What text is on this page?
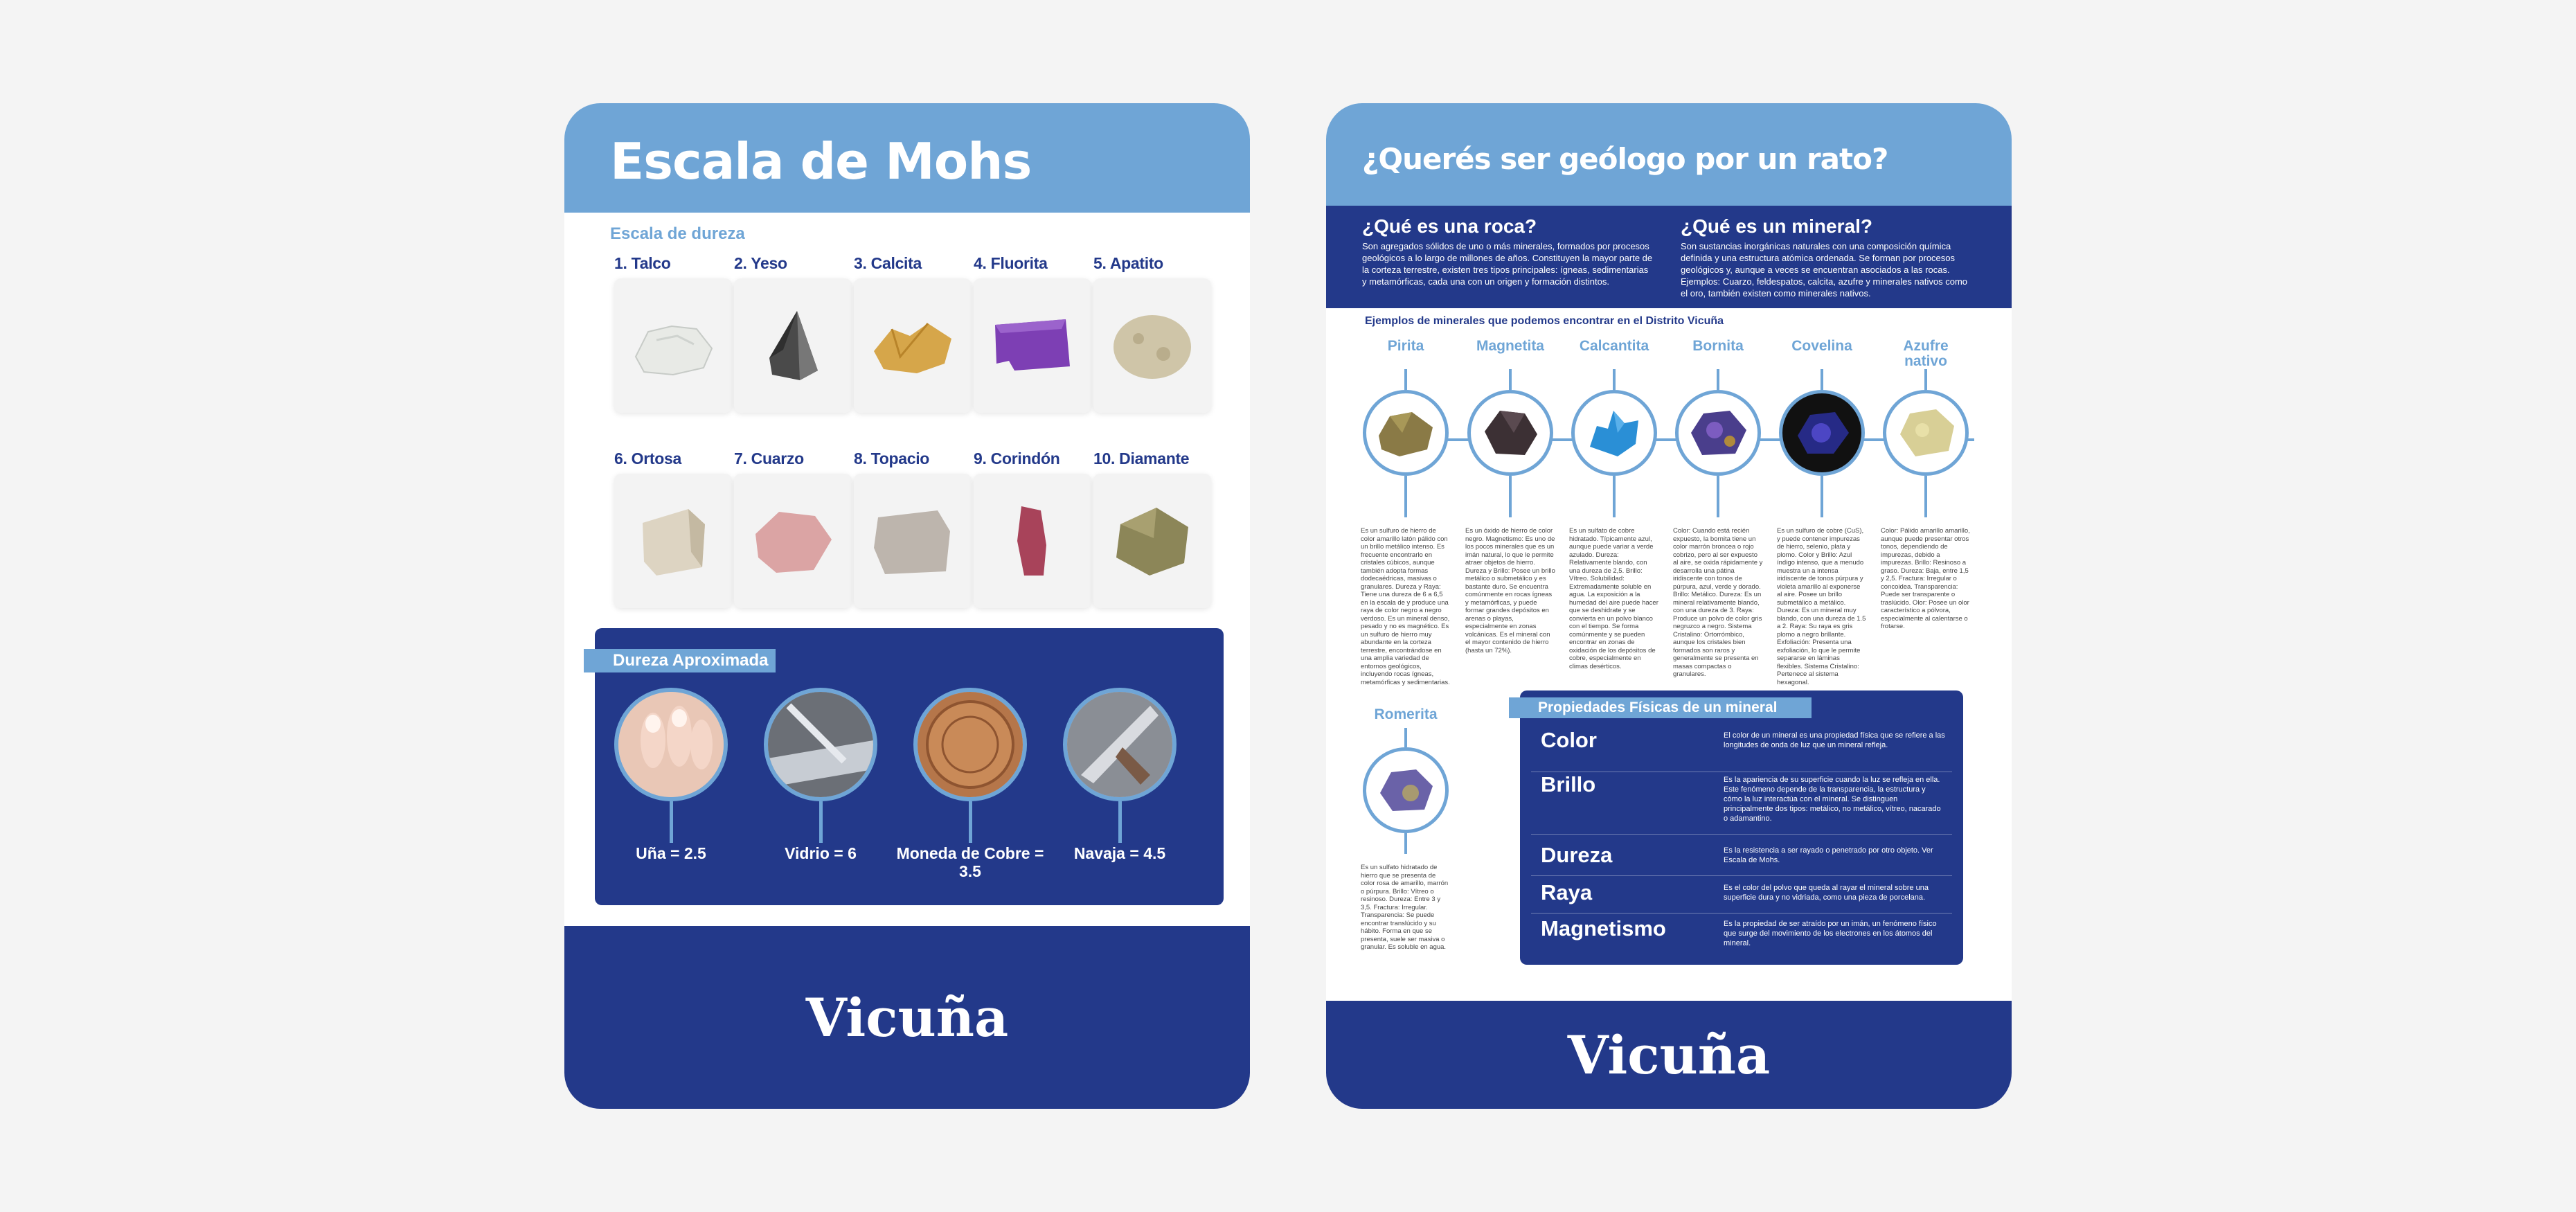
Escala de Mohs
Escala de dureza
1. Talco	2. Yeso	3. Calcita	4. Fluorita	5. Apatito
6. Ortosa	7. Cuarzo	8. Topacio	9. Corindón	10. Diamante
Dureza Aproximada
Uña = 2.5	Vidrio = 6	Moneda de Cobre = 3.5
Navaja = 4.5
Vicuña
¿Querés ser geólogo por un rato?
¿Qué es una roca?

Son agregados sólidos de uno o más minerales, formados por procesos geológicos a lo largo de millones de años. Constituyen la mayor parte de la corteza terrestre, existen tres tipos principales: ígneas, sedimentarias y metamórficas, cada una con un origen y formación distintos.

¿Qué es un mineral?

Son sustancias inorgánicas naturales con una composición química definida y una estructura atómica ordenada. Se forman por procesos geológicos y, aunque a veces se encuentran asociados a las rocas. Ejemplos: Cuarzo, feldespatos, calcita, azufre y minerales nativos como el oro, también existen como minerales nativos.

Ejemplos de minerales que podemos encontrar en el Distrito Vicuña
Pirita
Es un sulfuro de hierro de color amarillo latón pálido con un brillo metálico intenso. Es frecuente encontrarlo en cristales cúbicos, aunque también adopta formas dodecaédricas, masivas o granulares. Dureza y Raya: Tiene una dureza de 6 a 6,5 en la escala de y produce una raya de color negro a negro verdoso. Es un mineral denso, pesado y no es magnético. Es un sulfuro de hierro muy abundante en la corteza terrestre, encontrándose en una amplia variedad de entornos geológicos, incluyendo rocas ígneas, metamórficas y sedimentarias.
Magnetita
Es un óxido de hierro de color negro. Magnetismo: Es uno de los pocos minerales que es un imán natural, lo que le permite atraer objetos de hierro. Dureza y Brillo: Posee un brillo metálico o submetálico y es bastante duro. Se encuentra comúnmente en rocas ígneas y metamórficas, y puede formar grandes depósitos en arenas o playas, especialmente en zonas volcánicas. Es el mineral con el mayor contenido de hierro (hasta un 72%).
Calcantita
Es un sulfato de cobre hidratado. Típicamente azul, aunque puede variar a verde azulado. Dureza: Relativamente blando, con una dureza de 2,5. Brillo: Vítreo. Solubilidad: Extremadamente soluble en agua. La exposición a la humedad del aire puede hacer que se deshidrate y se convierta en un polvo blanco con el tiempo. Se forma comúnmente y se pueden encontrar en zonas de oxidación de los depósitos de cobre, especialmente en climas desérticos.
Bornita
Color: Cuando está recién expuesto, la bornita tiene un color marrón broncea o rojo cobrizo, pero al ser expuesto al aire, se oxida rápidamente y desarrolla una pátina iridiscente con tonos de púrpura, azul, verde y dorado. Brillo: Metálico. Dureza: Es un mineral relativamente blando, con una dureza de 3. Raya: Produce un polvo de color gris negruzco a negro. Sistema Cristalino: Ortorrómbico, aunque los cristales bien formados son raros y generalmente se presenta en masas compactas o granulares.
Covelina
Es un sulfuro de cobre (CuS), y puede contener impurezas de hierro, selenio, plata y plomo. Color y Brillo: Azul índigo intenso, que a menudo muestra un a intensa iridiscente de tonos púrpura y violeta amarillo al exponerse al aire. Posee un brillo submetálico a metálico. Dureza: Es un mineral muy blando, con una dureza de 1.5 a 2. Raya: Su raya es gris plomo a negro brillante. Exfoliación: Presenta una exfoliación, lo que le permite separarse en láminas flexibles. Sistema Cristalino: Pertenece al sistema hexagonal.
Azufre nativo
Color: Pálido amarillo amarillo, aunque puede presentar otros tonos, dependiendo de impurezas, debido a impurezas. Brillo: Resinoso a graso. Dureza: Baja, entre 1,5 y 2,5. Fractura: Irregular o concoidea. Transparencia: Puede ser transparente o traslúcido. Olor: Posee un olor característico a pólvora, especialmente al calentarse o frotarse.
Romerita
Es un sulfato hidratado de hierro que se presenta de color rosa de amarillo, marrón o púrpura. Brillo: Vítreo o resinoso. Dureza: Entre 3 y 3,5. Fractura: Irregular. Transparencia: Se puede encontrar translúcido y su hábito. Forma en que se presenta, suele ser masiva o granular. Es soluble en agua.
Propiedades Físicas de un mineral
Color	El color de un mineral es una propiedad física que se refiere a las longitudes de onda de luz que un mineral refleja.
Brillo	Es la apariencia de su superficie cuando la luz se refleja en ella. Este fenómeno depende de la transparencia, la estructura y cómo la luz interactúa con el mineral. Se distinguen principalmente dos tipos: metálico, no metálico, vítreo, nacarado o adamantino.
Dureza	Es la resistencia a ser rayado o penetrado por otro objeto. Ver Escala de Mohs.
Raya	Es el color del polvo que queda al rayar el mineral sobre una superficie dura y no vidriada, como una pieza de porcelana.
Magnetismo	Es la propiedad de ser atraído por un imán, un fenómeno físico que surge del movimiento de los electrones en los átomos del mineral.
Vicuña
